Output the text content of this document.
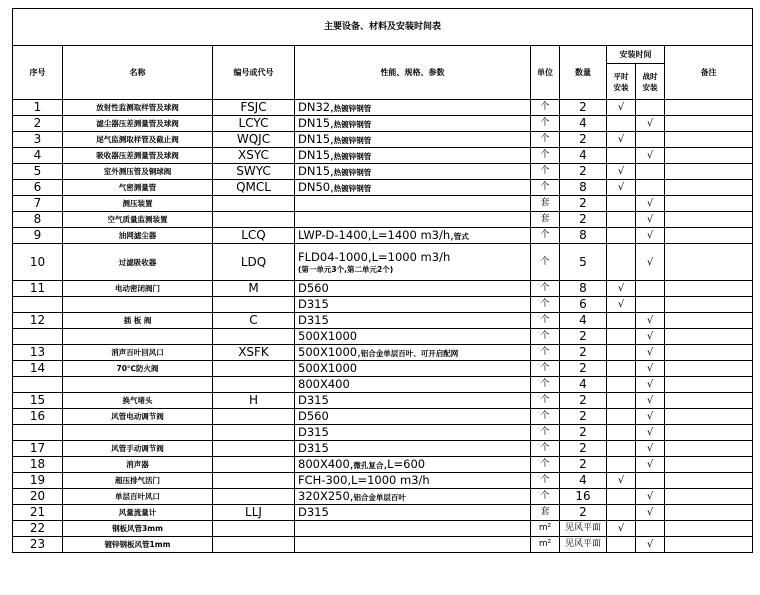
主要设备、材料及安装时间表								
序号	名称	编号或代号	性能、规格、参数	单位	数量	安装时间		备注
						平时安装	战时安装	
1	放射性监测取样管及球阀	FSJC	DN32,热镀锌钢管	个	2	√		
2	滤尘器压差测量管及球阀	LCYC	DN15,热镀锌钢管	个	4		√	
3	尾气监测取样管及截止阀	WQJC	DN15,热镀锌钢管	个	2	√		
4	吸收器压差测量管及球阀	XSYC	DN15,热镀锌钢管	个	4		√	
5	室外测压管及铜球阀	SWYC	DN15,热镀锌钢管	个	2	√		
6	气密测量管	QMCL	DN50,热镀锌钢管	个	8	√		
7	测压装置			套	2		√	
8	空气质量监测装置			套	2		√	
9	油网滤尘器	LCQ	LWP-D-1400,L=1400 m3/h,管式	个	8		√	
10	过滤吸收器	LDQ	FLD04-1000,L=1000 m3/h
(第一单元3个,第二单元2个)	个	5		√	
11	电动密闭阀门	M	D560	个	8	√		
			D315	个	6	√		
12	插 板 阀	C	D315	个	4		√	
			500X1000	个	2		√	
13	消声百叶回风口	XSFK	500X1000,铝合金单层百叶、可开启配网	个	2		√	
14	70℃防火阀		500X1000	个	2		√	
			800X400	个	4		√	
15	换气堵头	H	D315	个	2		√	
16	风管电动调节阀		D560	个	2		√	
			D315	个	2		√	
17	风管手动调节阀		D315	个	2		√	
18	消声器		800X400,微孔复合,L=600	个	2		√	
19	超压排气活门		FCH-300,L=1000 m3/h	个	4	√		
20	单层百叶风口		320X250,铝合金单层百叶	个	16		√	
21	风量流量计	LLJ	D315	套	2		√	
22	钢板风管3mm			m²	见风平面	√		
23	镀锌钢板风管1mm			m²	见风平面		√	
